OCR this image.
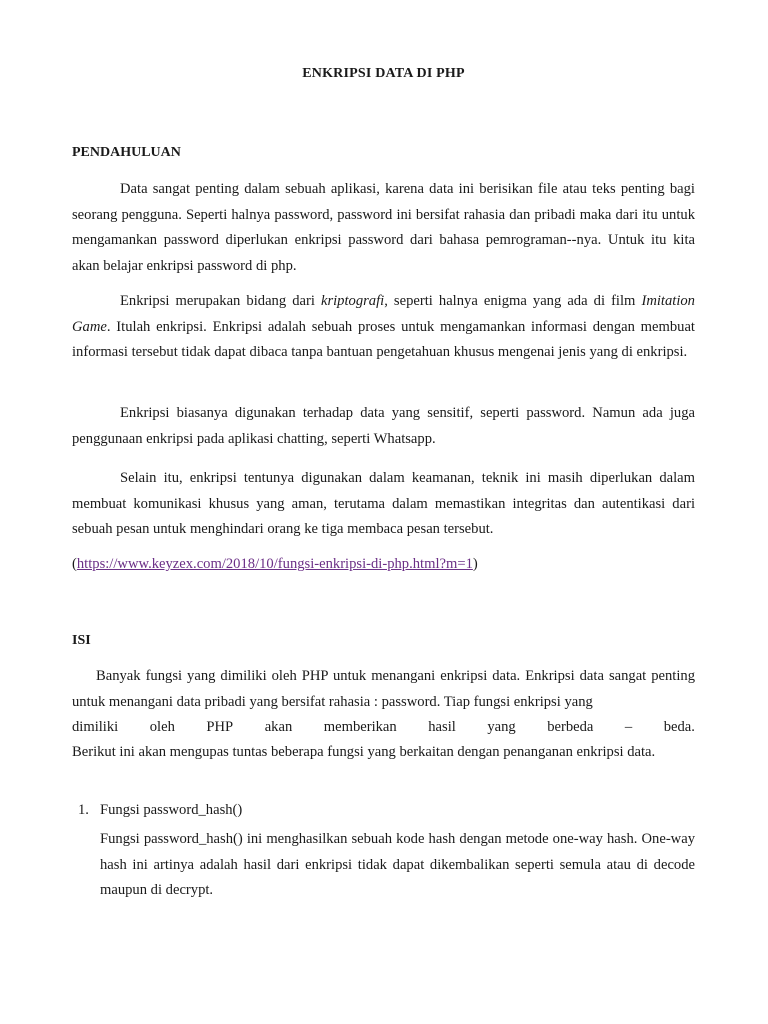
ENKRIPSI DATA DI PHP
PENDAHULUAN
Data sangat penting dalam sebuah aplikasi, karena data ini berisikan file atau teks penting bagi seorang pengguna. Seperti halnya password, password ini bersifat rahasia dan pribadi maka dari itu untuk mengamankan password diperlukan enkripsi password dari bahasa pemrograman--nya. Untuk itu kita akan belajar enkripsi password di php.
Enkripsi merupakan bidang dari kriptografi, seperti halnya enigma yang ada di film Imitation Game. Itulah enkripsi. Enkripsi adalah sebuah proses untuk mengamankan informasi dengan membuat informasi tersebut tidak dapat dibaca tanpa bantuan pengetahuan khusus mengenai jenis yang di enkripsi.
Enkripsi biasanya digunakan terhadap data yang sensitif, seperti password. Namun ada juga penggunaan enkripsi pada aplikasi chatting, seperti Whatsapp.
Selain itu, enkripsi tentunya digunakan dalam keamanan, teknik ini masih diperlukan dalam membuat komunikasi khusus yang aman, terutama dalam memastikan integritas dan autentikasi dari sebuah pesan untuk menghindari orang ke tiga membaca pesan tersebut.
(https://www.keyzex.com/2018/10/fungsi-enkripsi-di-php.html?m=1)
ISI
Banyak fungsi yang dimiliki oleh PHP untuk menangani enkripsi data. Enkripsi data sangat penting untuk menangani data pribadi yang bersifat rahasia : password. Tiap fungsi enkripsi yang
dimiliki oleh PHP akan memberikan hasil yang berbeda – beda.
Berikut ini akan mengupas tuntas beberapa fungsi yang berkaitan dengan penanganan enkripsi data.
1. Fungsi password_hash()
Fungsi password_hash() ini menghasilkan sebuah kode hash dengan metode one-way hash. One-way hash ini artinya adalah hasil dari enkripsi tidak dapat dikembalikan seperti semula atau di decode maupun di decrypt.
